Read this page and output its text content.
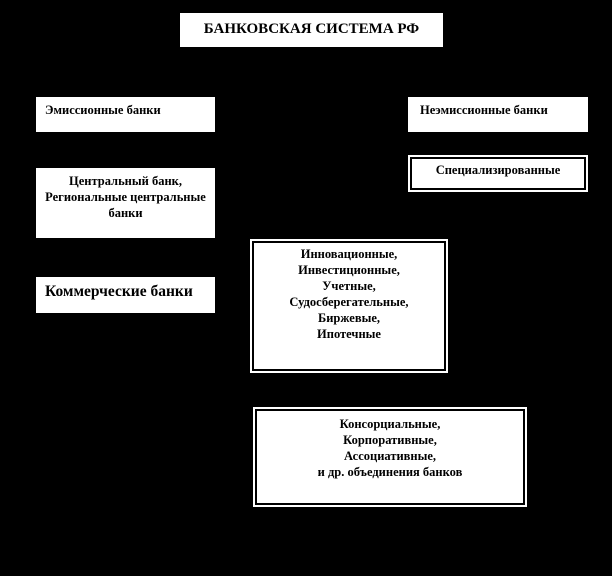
БАНКОВСКАЯ СИСТЕМА РФ
Эмиссионные банки	Неэмиссионные банки
Специализированные
Центральный банк,
Региональные центральные
банки
Коммерческие банки
Инновационные,
Инвестиционные,
Учетные,
Судосберегательные,
Биржевые,
Ипотечные
Консорциальные,
Корпоративные,
Ассоциативные,
и др. объединения банков
